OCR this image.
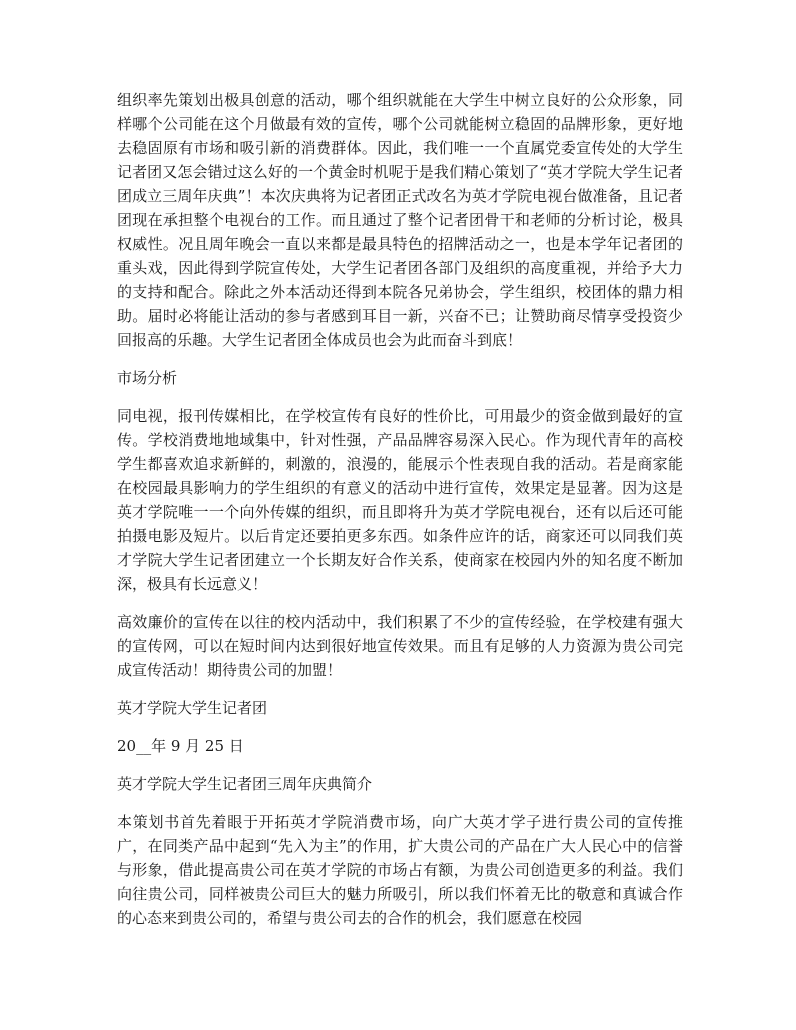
组织率先策划出极具创意的活动，哪个组织就能在大学生中树立良好的公众形象，同样哪个公司能在这个月做最有效的宣传，哪个公司就能树立稳固的品牌形象，更好地去稳固原有市场和吸引新的消费群体。因此，我们唯一一个直属党委宣传处的大学生记者团又怎会错过这么好的一个黄金时机呢于是我们精心策划了“英才学院大学生记者团成立三周年庆典”！本次庆典将为记者团正式改名为英才学院电视台做准备，且记者团现在承担整个电视台的工作。而且通过了整个记者团骨干和老师的分析讨论，极具权威性。况且周年晚会一直以来都是最具特色的招牌活动之一，也是本学年记者团的重头戏，因此得到学院宣传处，大学生记者团各部门及组织的高度重视，并给予大力的支持和配合。除此之外本活动还得到本院各兄弟协会，学生组织，校团体的鼎力相助。届时必将能让活动的参与者感到耳目一新，兴奋不已；让赞助商尽情享受投资少回报高的乐趣。大学生记者团全体成员也会为此而奋斗到底！

市场分析

同电视，报刊传媒相比，在学校宣传有良好的性价比，可用最少的资金做到最好的宣传。学校消费地地域集中，针对性强，产品品牌容易深入民心。作为现代青年的高校学生都喜欢追求新鲜的，刺激的，浪漫的，能展示个性表现自我的活动。若是商家能在校园最具影响力的学生组织的有意义的活动中进行宣传，效果定是显著。因为这是英才学院唯一一个向外传媒的组织，而且即将升为英才学院电视台，还有以后还可能拍摄电影及短片。以后肯定还要拍更多东西。如条件应许的话，商家还可以同我们英才学院大学生记者团建立一个长期友好合作关系，使商家在校园内外的知名度不断加深，极具有长远意义！

高效廉价的宣传在以往的校内活动中，我们积累了不少的宣传经验，在学校建有强大的宣传网，可以在短时间内达到很好地宣传效果。而且有足够的人力资源为贵公司完成宣传活动！期待贵公司的加盟！

英才学院大学生记者团

20__年 9 月 25 日

英才学院大学生记者团三周年庆典简介

本策划书首先着眼于开拓英才学院消费市场，向广大英才学子进行贵公司的宣传推广，在同类产品中起到“先入为主”的作用，扩大贵公司的产品在广大人民心中的信誉与形象，借此提高贵公司在英才学院的市场占有额，为贵公司创造更多的利益。我们向往贵公司，同样被贵公司巨大的魅力所吸引，所以我们怀着无比的敬意和真诚合作的心态来到贵公司的，希望与贵公司去的合作的机会，我们愿意在校园
